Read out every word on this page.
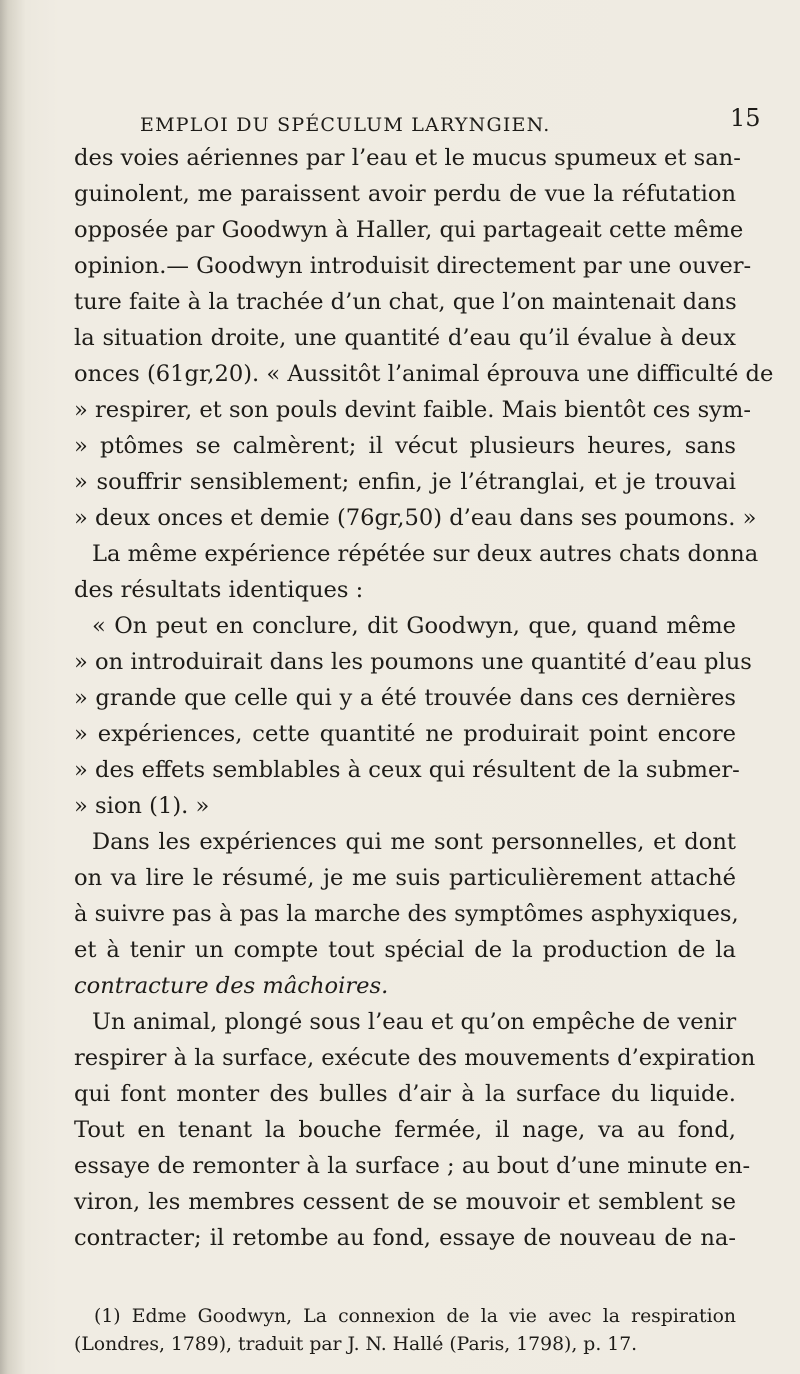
EMPLOI DU SPÉCULUM LARYNGIEN.	15
des voies aériennes par l’eau et le mucus spumeux et san-
guinolent, me paraissent avoir perdu de vue la réfutation
opposée par Goodwyn à Haller, qui partageait cette même
opinion.— Goodwyn introduisit directement par une ouver-
ture faite à la trachée d’un chat, que l’on maintenait dans
la situation droite, une quantité d’eau qu’il évalue à deux
onces (61gr,20). « Aussitôt l’animal éprouva une difficulté de
» respirer, et son pouls devint faible. Mais bientôt ces sym-
» ptômes se calmèrent; il vécut plusieurs heures, sans
» souffrir sensiblement; enfin, je l’étranglai, et je trouvai
» deux onces et demie (76gr,50) d’eau dans ses poumons. »
La même expérience répétée sur deux autres chats donna
des résultats identiques :
« On peut en conclure, dit Goodwyn, que, quand même
» on introduirait dans les poumons une quantité d’eau plus
» grande que celle qui y a été trouvée dans ces dernières
» expériences, cette quantité ne produirait point encore
» des effets semblables à ceux qui résultent de la submer-
» sion (1). »
Dans les expériences qui me sont personnelles, et dont
on va lire le résumé, je me suis particulièrement attaché
à suivre pas à pas la marche des symptômes asphyxiques,
et à tenir un compte tout spécial de la production de la
contracture des mâchoires.
Un animal, plongé sous l’eau et qu’on empêche de venir
respirer à la surface, exécute des mouvements d’expiration
qui font monter des bulles d’air à la surface du liquide.
Tout en tenant la bouche fermée, il nage, va au fond,
essaye de remonter à la surface ; au bout d’une minute en-
viron, les membres cessent de se mouvoir et semblent se
contracter; il retombe au fond, essaye de nouveau de na-
(1) Edme Goodwyn, La connexion de la vie avec la respiration
(Londres, 1789), traduit par J. N. Hallé (Paris, 1798), p. 17.
